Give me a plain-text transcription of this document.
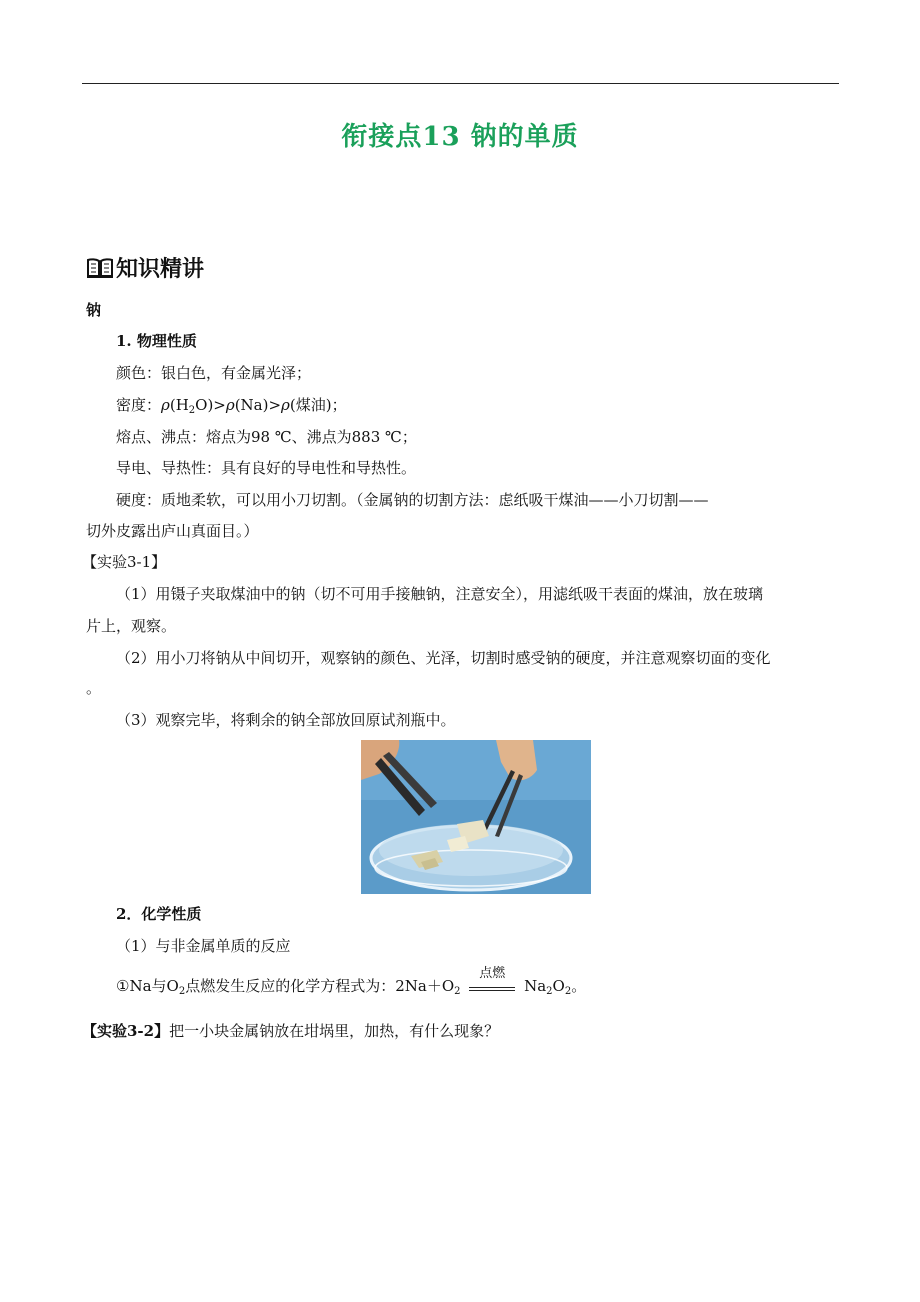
衔接点13 钠的单质
知识精讲
钠
1. 物理性质
颜色：银白色，有金属光泽；
密度：$\rho(H_2O)>\rho(Na)>\rho$(煤油)；
熔点、沸点：熔点为98 ℃、沸点为883 ℃；
导电、导热性：具有良好的导电性和导热性。
硬度：质地柔软，可以用小刀切割。（金属钠的切割方法：虑纸吸干煤油——小刀切割——
切外皮露出庐山真面目。）
【实验3-1】
（1）用镊子夹取煤油中的钠（切不可用手接触钠，注意安全），用滤纸吸干表面的煤油，放在玻璃
片上，观察。
（2）用小刀将钠从中间切开，观察钠的颜色、光泽，切割时感受钠的硬度，并注意观察切面的变化
。
（3）观察完毕，将剩余的钠全部放回原试剂瓶中。
2．化学性质
（1）与非金属单质的反应
①Na与$O_2$点燃发生反应的化学方程式为：$2Na+O_2$
点燃
$Na_2O_2$。
【实验3-2】把一小块金属钠放在坩埚里，加热，有什么现象？
